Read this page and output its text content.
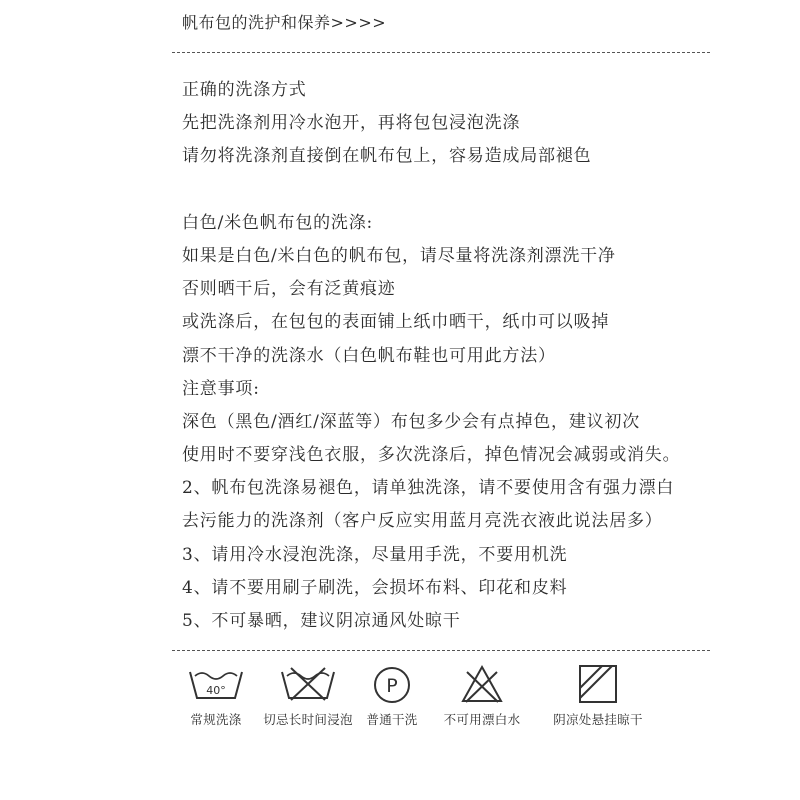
帆布包的洗护和保养>>>>
正确的洗涤方式
先把洗涤剂用冷水泡开，再将包包浸泡洗涤
请勿将洗涤剂直接倒在帆布包上，容易造成局部褪色
白色/米色帆布包的洗涤:
如果是白色/米白色的帆布包，请尽量将洗涤剂漂洗干净
否则晒干后，会有泛黄痕迹
或洗涤后，在包包的表面铺上纸巾晒干，纸巾可以吸掉
漂不干净的洗涤水（白色帆布鞋也可用此方法）
注意事项:
深色（黑色/酒红/深蓝等）布包多少会有点掉色，建议初次
使用时不要穿浅色衣服，多次洗涤后，掉色情况会减弱或消失。
2、帆布包洗涤易褪色，请单独洗涤，请不要使用含有强力漂白
去污能力的洗涤剂（客户反应实用蓝月亮洗衣液此说法居多）
3、请用冷水浸泡洗涤，尽量用手洗，不要用机洗
4、请不要用刷子刷洗，会损坏布料、印花和皮料
5、不可暴晒，建议阴凉通风处晾干
40°
常规洗涤	切忌长时间浸泡
P
普通干洗	不可用漂白水	阴凉处悬挂晾干
